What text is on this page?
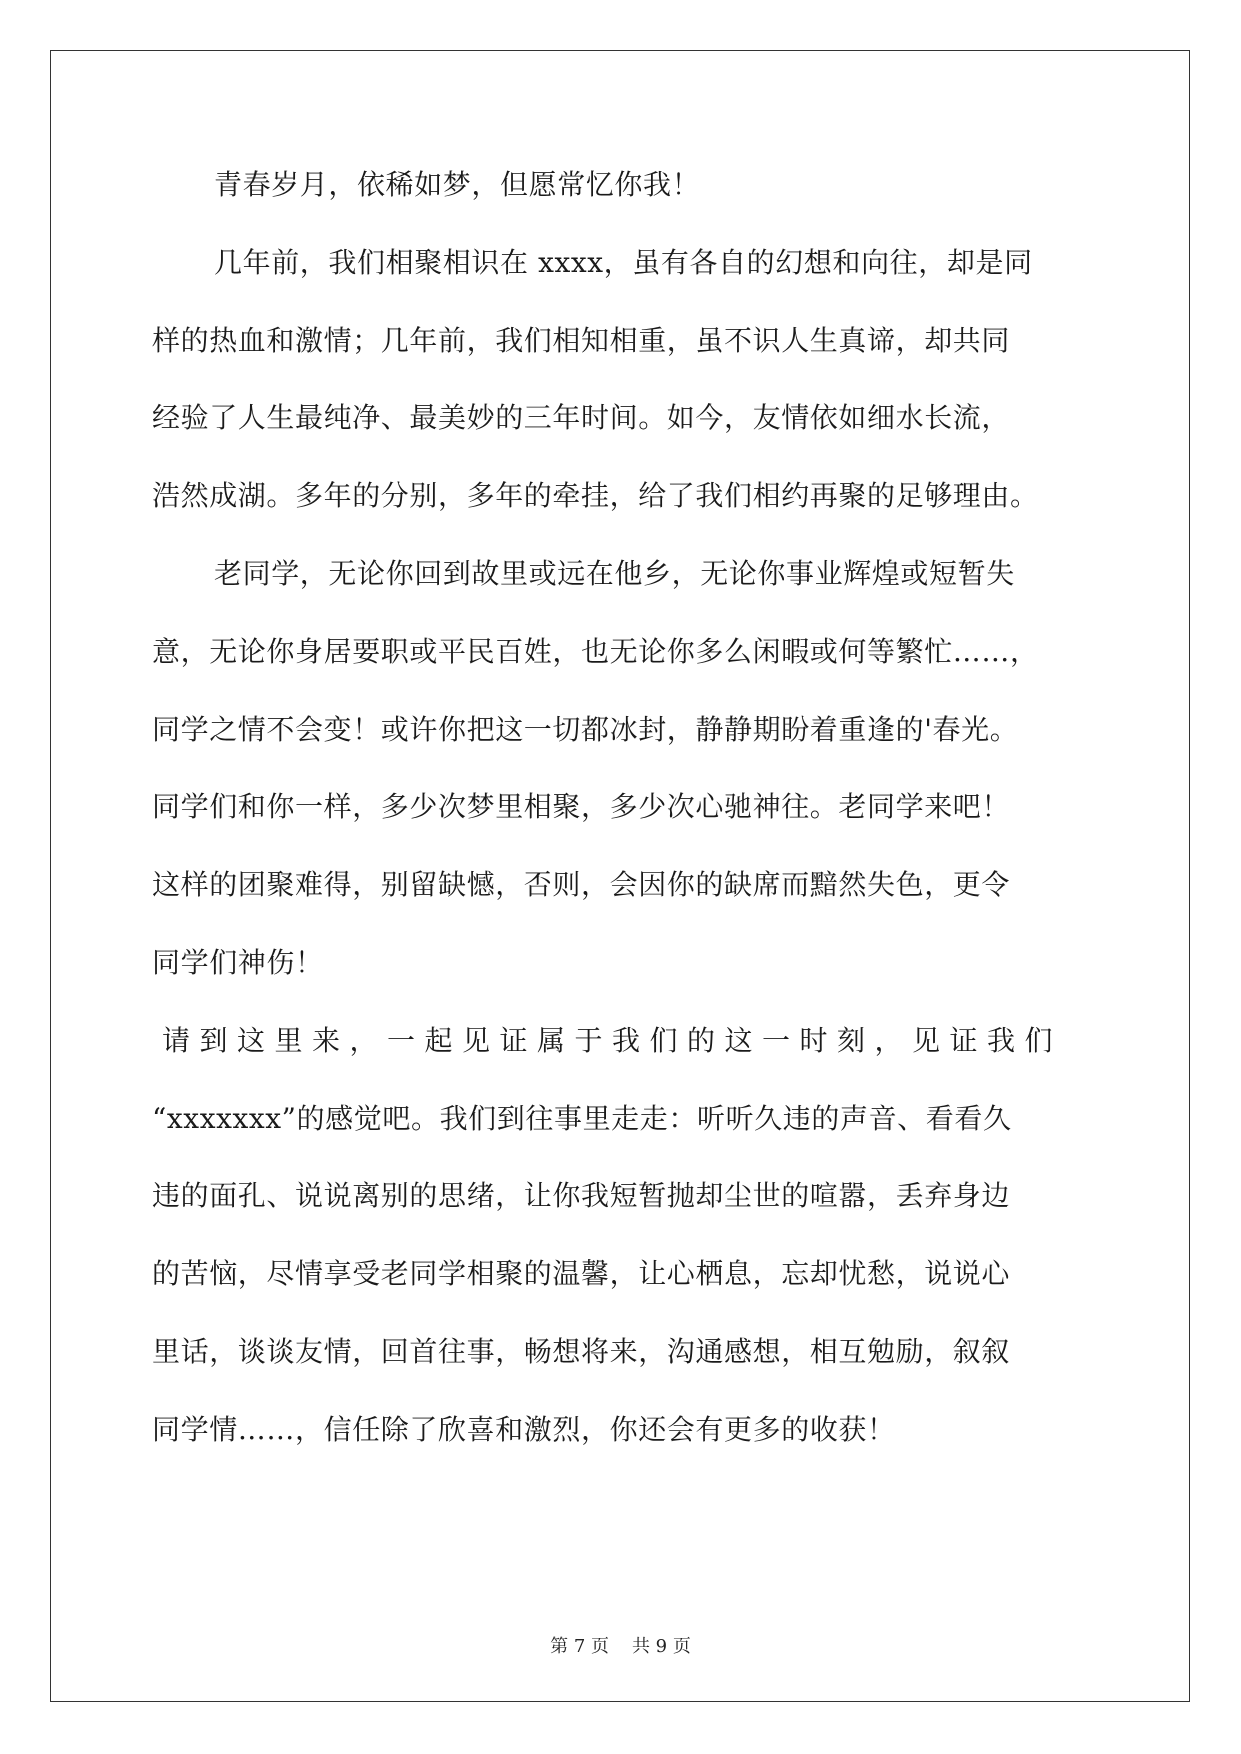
青春岁月，依稀如梦，但愿常忆你我！

几年前，我们相聚相识在 xxxx，虽有各自的幻想和向往，却是同
样的热血和激情；几年前，我们相知相重，虽不识人生真谛，却共同
经验了人生最纯净、最美妙的三年时间。如今，友情依如细水长流，
浩然成湖。多年的分别，多年的牵挂，给了我们相约再聚的足够理由。

老同学，无论你回到故里或远在他乡，无论你事业辉煌或短暂失
意，无论你身居要职或平民百姓，也无论你多么闲暇或何等繁忙……，
同学之情不会变！或许你把这一切都冰封，静静期盼着重逢的'春光。
同学们和你一样，多少次梦里相聚，多少次心驰神往。老同学来吧！
这样的团聚难得，别留缺憾，否则，会因你的缺席而黯然失色，更令
同学们神伤！

请到这里来，一起见证属于我们的这一时刻，见证我们
“xxxxxxx”的感觉吧。我们到往事里走走：听听久违的声音、看看久
违的面孔、说说离别的思绪，让你我短暂抛却尘世的喧嚣，丢弃身边
的苦恼，尽情享受老同学相聚的温馨，让心栖息，忘却忧愁，说说心
里话，谈谈友情，回首往事，畅想将来，沟通感想，相互勉励，叙叙
同学情……，信任除了欣喜和激烈，你还会有更多的收获！

第 7 页    共 9 页
